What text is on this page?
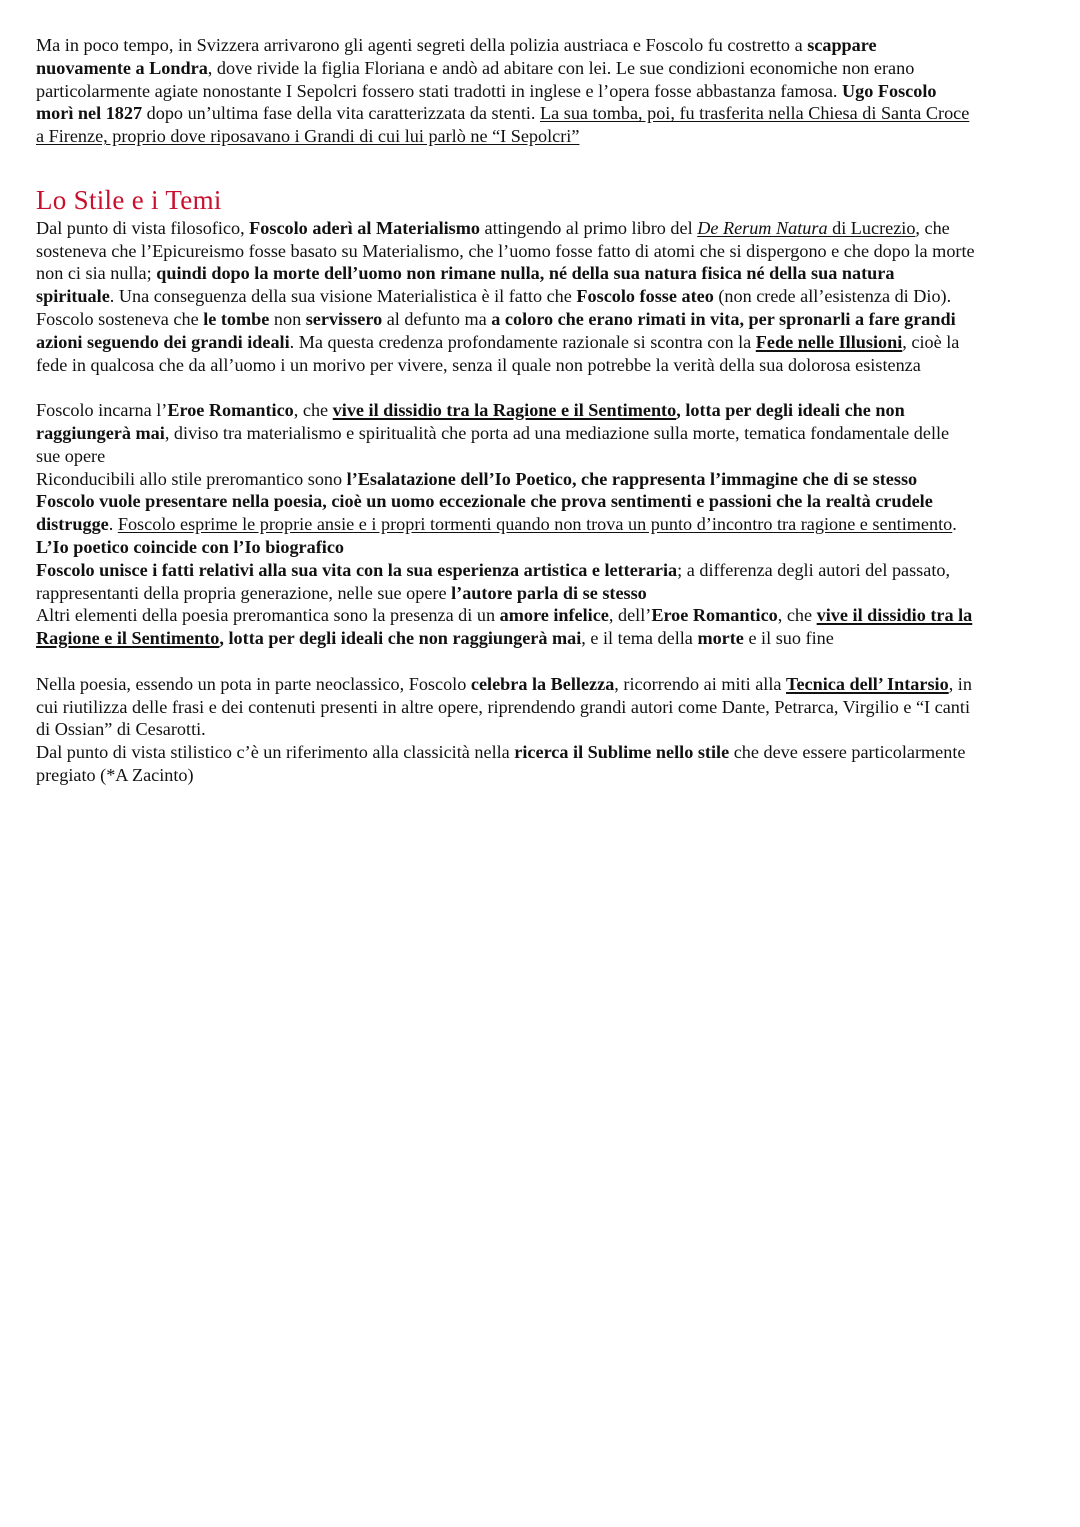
Ma in poco tempo, in Svizzera arrivarono gli agenti segreti della polizia austriaca e Foscolo fu costretto a scappare nuovamente a Londra, dove rivide la figlia Floriana e andò ad abitare con lei. Le sue condizioni economiche non erano particolarmente agiate nonostante I Sepolcri fossero stati tradotti in inglese e l’opera fosse abbastanza famosa. Ugo Foscolo morì nel 1827 dopo un’ultima fase della vita caratterizzata da stenti. La sua tomba, poi, fu trasferita nella Chiesa di Santa Croce a Firenze, proprio dove riposavano i Grandi di cui lui parlò ne “I Sepolcri”

Lo Stile e i Temi

Dal punto di vista filosofico, Foscolo aderì al Materialismo attingendo al primo libro del De Rerum Natura di Lucrezio, che sosteneva che l’Epicureismo fosse basato su Materialismo, che l’uomo fosse fatto di atomi che si dispergono e che dopo la morte non ci sia nulla; quindi dopo la morte dell’uomo non rimane nulla, né della sua natura fisica né della sua natura spirituale. Una conseguenza della sua visione Materialistica è il fatto che Foscolo fosse ateo (non crede all’esistenza di Dio). Foscolo sosteneva che le tombe non servissero al defunto ma a coloro che erano rimati in vita, per spronarli a fare grandi azioni seguendo dei grandi ideali. Ma questa credenza profondamente razionale si scontra con la Fede nelle Illusioni, cioè la fede in qualcosa che da all’uomo i un morivo per vivere, senza il quale non potrebbe la verità della sua dolorosa esistenza

Foscolo incarna l’Eroe Romantico, che vive il dissidio tra la Ragione e il Sentimento, lotta per degli ideali che non raggiungerà mai, diviso tra materialismo e spiritualità che porta ad una mediazione sulla morte, tematica fondamentale delle sue opere

Riconducibili allo stile preromantico sono l’Esalatazione dell’Io Poetico, che rappresenta l’immagine che di se stesso Foscolo vuole presentare nella poesia, cioè un uomo eccezionale che prova sentimenti e passioni che la realtà crudele distrugge. Foscolo esprime le proprie ansie e i propri tormenti quando non trova un punto d’incontro tra ragione e sentimento. L’Io poetico coincide con l’Io biografico

Foscolo unisce i fatti relativi alla sua vita con la sua esperienza artistica e letteraria; a differenza degli autori del passato, rappresentanti della propria generazione, nelle sue opere l’autore parla di se stesso

Altri elementi della poesia preromantica sono la presenza di un amore infelice, dell’Eroe Romantico, che vive il dissidio tra la Ragione e il Sentimento, lotta per degli ideali che non raggiungerà mai, e il tema della morte e il suo fine

Nella poesia, essendo un pota in parte neoclassico, Foscolo celebra la Bellezza, ricorrendo ai miti alla Tecnica dell’ Intarsio, in cui riutilizza delle frasi e dei contenuti presenti in altre opere, riprendendo grandi autori come Dante, Petrarca, Virgilio e “I canti di Ossian” di Cesarotti.

Dal punto di vista stilistico c’è un riferimento alla classicità nella ricerca il Sublime nello stile che deve essere particolarmente pregiato (*A Zacinto)
